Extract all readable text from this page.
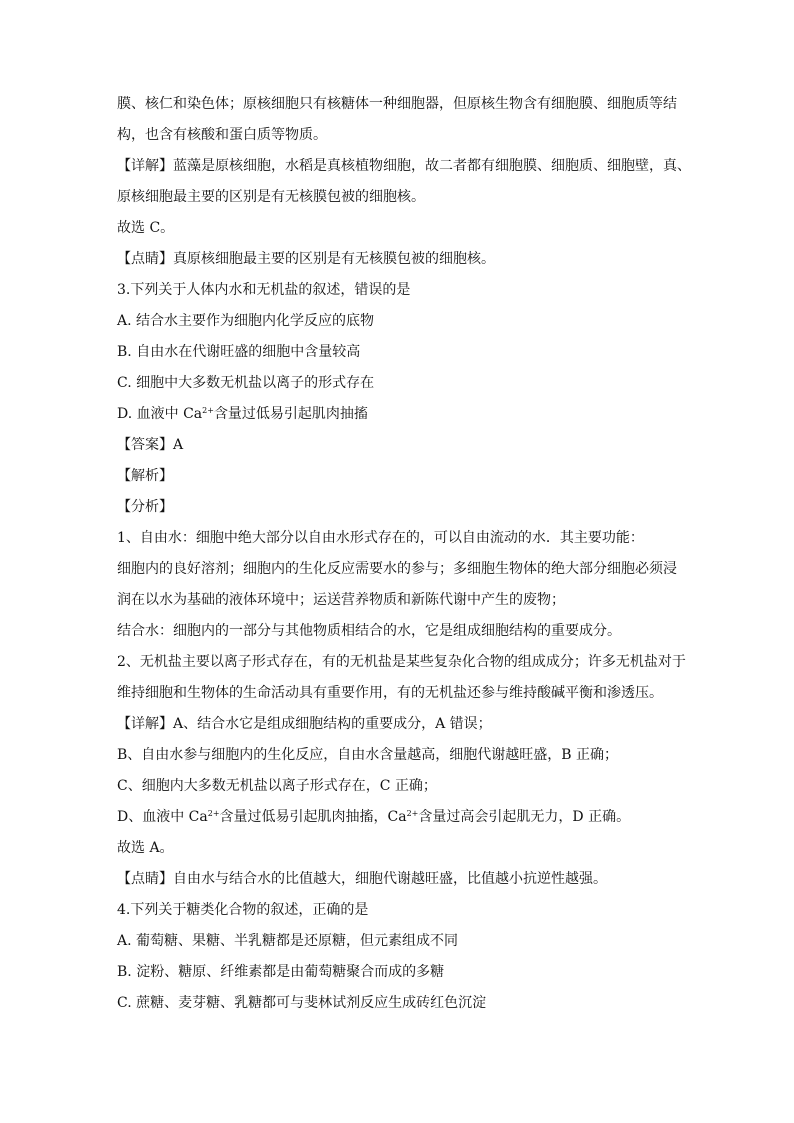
膜、核仁和染色体；原核细胞只有核糖体一种细胞器，但原核生物含有细胞膜、细胞质等结

构，也含有核酸和蛋白质等物质。

【详解】蓝藻是原核细胞，水稻是真核植物细胞，故二者都有细胞膜、细胞质、细胞壁，真、

原核细胞最主要的区别是有无核膜包被的细胞核。

故选 C。

【点睛】真原核细胞最主要的区别是有无核膜包被的细胞核。

3.下列关于人体内水和无机盐的叙述，错误的是

A. 结合水主要作为细胞内化学反应的底物

B. 自由水在代谢旺盛的细胞中含量较高

C. 细胞中大多数无机盐以离子的形式存在

D. 血液中 $Ca^{2+}$含量过低易引起肌肉抽搐

【答案】A

【解析】

【分析】

1、自由水：细胞中绝大部分以自由水形式存在的，可以自由流动的水．其主要功能：

细胞内的良好溶剂；细胞内的生化反应需要水的参与；多细胞生物体的绝大部分细胞必须浸

润在以水为基础的液体环境中；运送营养物质和新陈代谢中产生的废物；

结合水：细胞内的一部分与其他物质相结合的水，它是组成细胞结构的重要成分。

2、无机盐主要以离子形式存在，有的无机盐是某些复杂化合物的组成成分；许多无机盐对于

维持细胞和生物体的生命活动具有重要作用，有的无机盐还参与维持酸碱平衡和渗透压。

【详解】A、结合水它是组成细胞结构的重要成分，A 错误；

B、自由水参与细胞内的生化反应，自由水含量越高，细胞代谢越旺盛，B 正确；

C、细胞内大多数无机盐以离子形式存在，C 正确；

D、血液中 $Ca^{2+}$含量过低易引起肌肉抽搐，$Ca^{2+}$含量过高会引起肌无力，D 正确。

故选 A。

【点睛】自由水与结合水的比值越大，细胞代谢越旺盛，比值越小抗逆性越强。

4.下列关于糖类化合物的叙述，正确的是

A. 葡萄糖、果糖、半乳糖都是还原糖，但元素组成不同

B. 淀粉、糖原、纤维素都是由葡萄糖聚合而成的多糖

C. 蔗糖、麦芽糖、乳糖都可与斐林试剂反应生成砖红色沉淀
